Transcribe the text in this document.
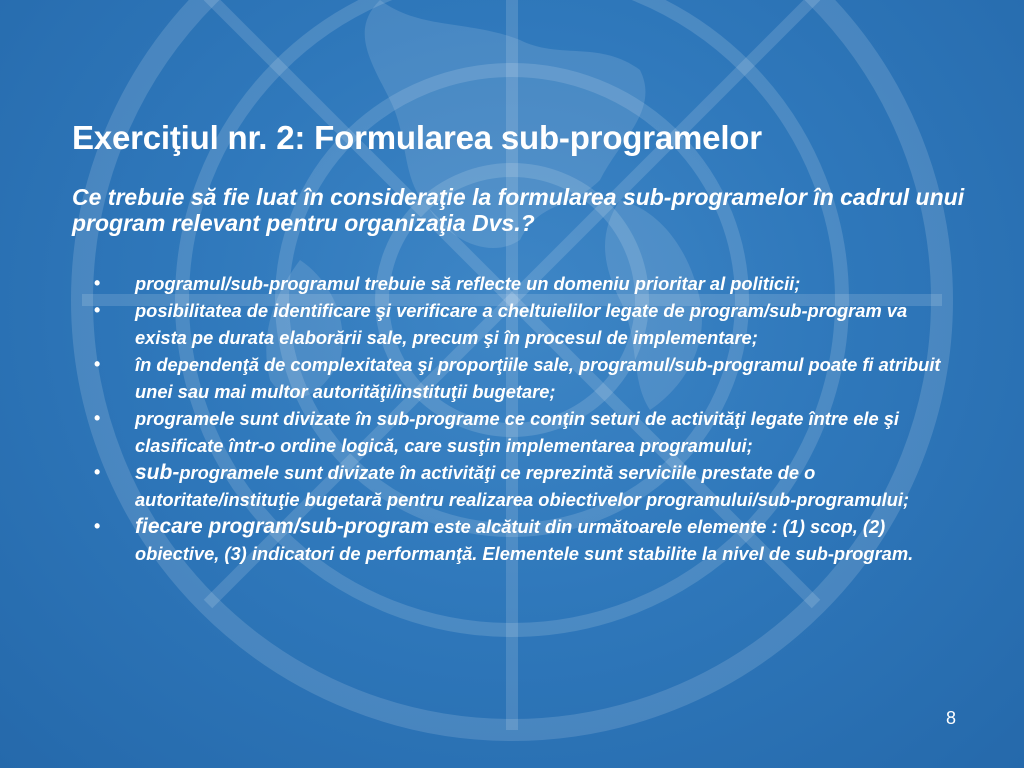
Exerciţiul nr. 2: Formularea sub-programelor
Ce trebuie să fie luat în consideraţie la formularea sub-programelor în cadrul unui program relevant pentru organizaţia Dvs.?
• programul/sub-programul trebuie să reflecte un domeniu prioritar al politicii;
• posibilitatea de identificare şi verificare a cheltuielilor legate de program/sub-program va exista pe durata elaborării sale, precum şi în procesul de implementare;
• în dependenţă de complexitatea şi proporţiile sale, programul/sub-programul poate fi atribuit unei sau mai multor autorităţi/instituţii bugetare;
• programele sunt divizate în sub-programe ce conţin seturi de activităţi legate între ele şi clasificate într-o ordine logică, care susţin implementarea programului;
• sub-programele sunt divizate în activităţi ce reprezintă serviciile prestate de o autoritate/instituţie bugetară pentru realizarea obiectivelor programului/sub-programului;
• fiecare program/sub-program este alcătuit din următoarele elemente : (1) scop, (2) obiective, (3) indicatori de performanţă. Elementele sunt stabilite la nivel de sub-program.
8
